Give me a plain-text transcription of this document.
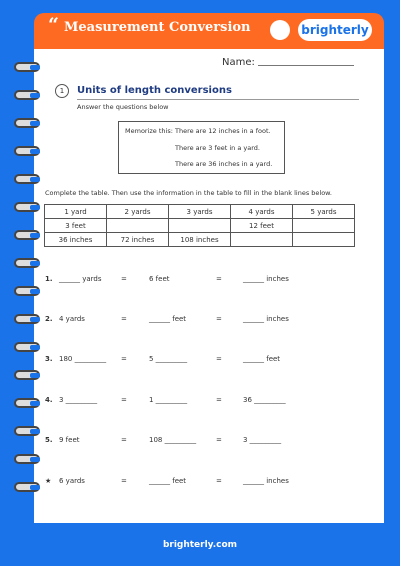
“ Measurement Conversion	brighterly
Name:
1	Units of length conversions
Answer the questions below
Memorize this: There are 12 inches in a foot.
There are 3 feet in a yard.
There are 36 inches in a yard.
Complete the table. Then use the information in the table to fill in the blank lines below.
1 yard	2 yards	3 yards	4 yards	5 yards
3 feet			12 feet	
36 inches	72 inches	108 inches		
1. ______ yards	=	6 feet	=	______ inches
2. 4 yards	=	______ feet	=	______ inches
3. 180 _________ =	5 _________	=	______ feet
4. 3 _________	=	1 _________	=	36 _________
5. 9 feet	=	108 _________	=	3 _________
★ 6 yards	=	______ feet	=	______ inches
brighterly.com
